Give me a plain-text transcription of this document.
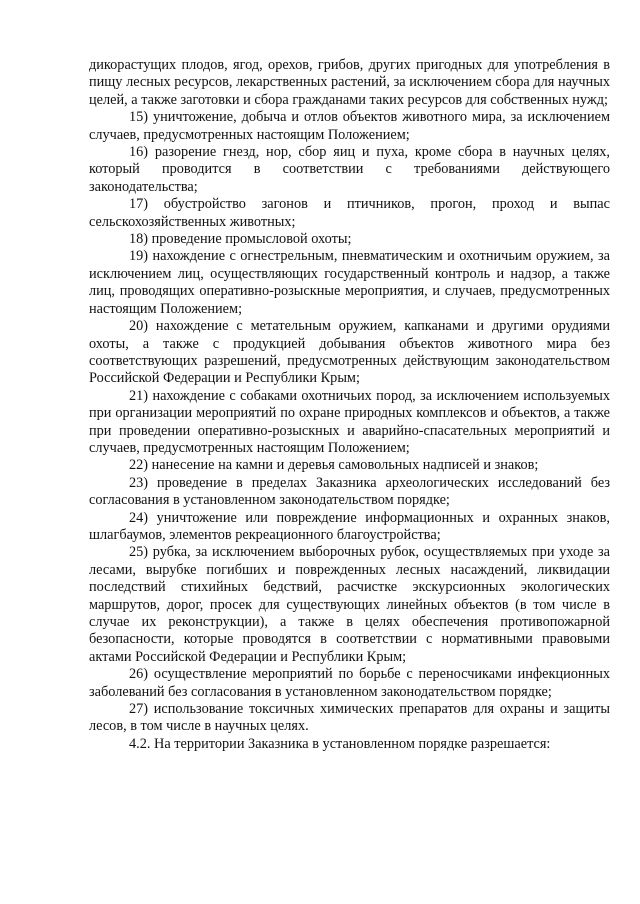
дикорастущих плодов, ягод, орехов, грибов, других пригодных для употребления в пищу лесных ресурсов, лекарственных растений, за исключением сбора для научных целей, а также заготовки и сбора гражданами таких ресурсов для собственных нужд;

15) уничтожение, добыча и отлов объектов животного мира, за исключением случаев, предусмотренных настоящим Положением;

16) разорение гнезд, нор, сбор яиц и пуха, кроме сбора в научных целях, который проводится в соответствии с требованиями действующего законодательства;

17) обустройство загонов и птичников, прогон, проход и выпас сельскохозяйственных животных;

18) проведение промысловой охоты;

19) нахождение с огнестрельным, пневматическим и охотничьим оружием, за исключением лиц, осуществляющих государственный контроль и надзор, а также лиц, проводящих оперативно-розыскные мероприятия, и случаев, предусмотренных настоящим Положением;

20) нахождение с метательным оружием, капканами и другими орудиями охоты, а также с продукцией добывания объектов животного мира без соответствующих разрешений, предусмотренных действующим законодательством Российской Федерации и Республики Крым;

21) нахождение с собаками охотничьих пород, за исключением используемых при организации мероприятий по охране природных комплексов и объектов, а также при проведении оперативно-розыскных и аварийно-спасательных мероприятий и случаев, предусмотренных настоящим Положением;

22) нанесение на камни и деревья самовольных надписей и знаков;

23) проведение в пределах Заказника археологических исследований без согласования в установленном законодательством порядке;

24) уничтожение или повреждение информационных и охранных знаков, шлагбаумов, элементов рекреационного благоустройства;

25) рубка, за исключением выборочных рубок, осуществляемых при уходе за лесами, вырубке погибших и поврежденных лесных насаждений, ликвидации последствий стихийных бедствий, расчистке экскурсионных экологических маршрутов, дорог, просек для существующих линейных объектов (в том числе в случае их реконструкции), а также в целях обеспечения противопожарной безопасности, которые проводятся в соответствии с нормативными правовыми актами Российской Федерации и Республики Крым;

26) осуществление мероприятий по борьбе с переносчиками инфекционных заболеваний без согласования в установленном законодательством порядке;

27) использование токсичных химических препаратов для охраны и защиты лесов, в том числе в научных целях.

4.2. На территории Заказника в установленном порядке разрешается:
